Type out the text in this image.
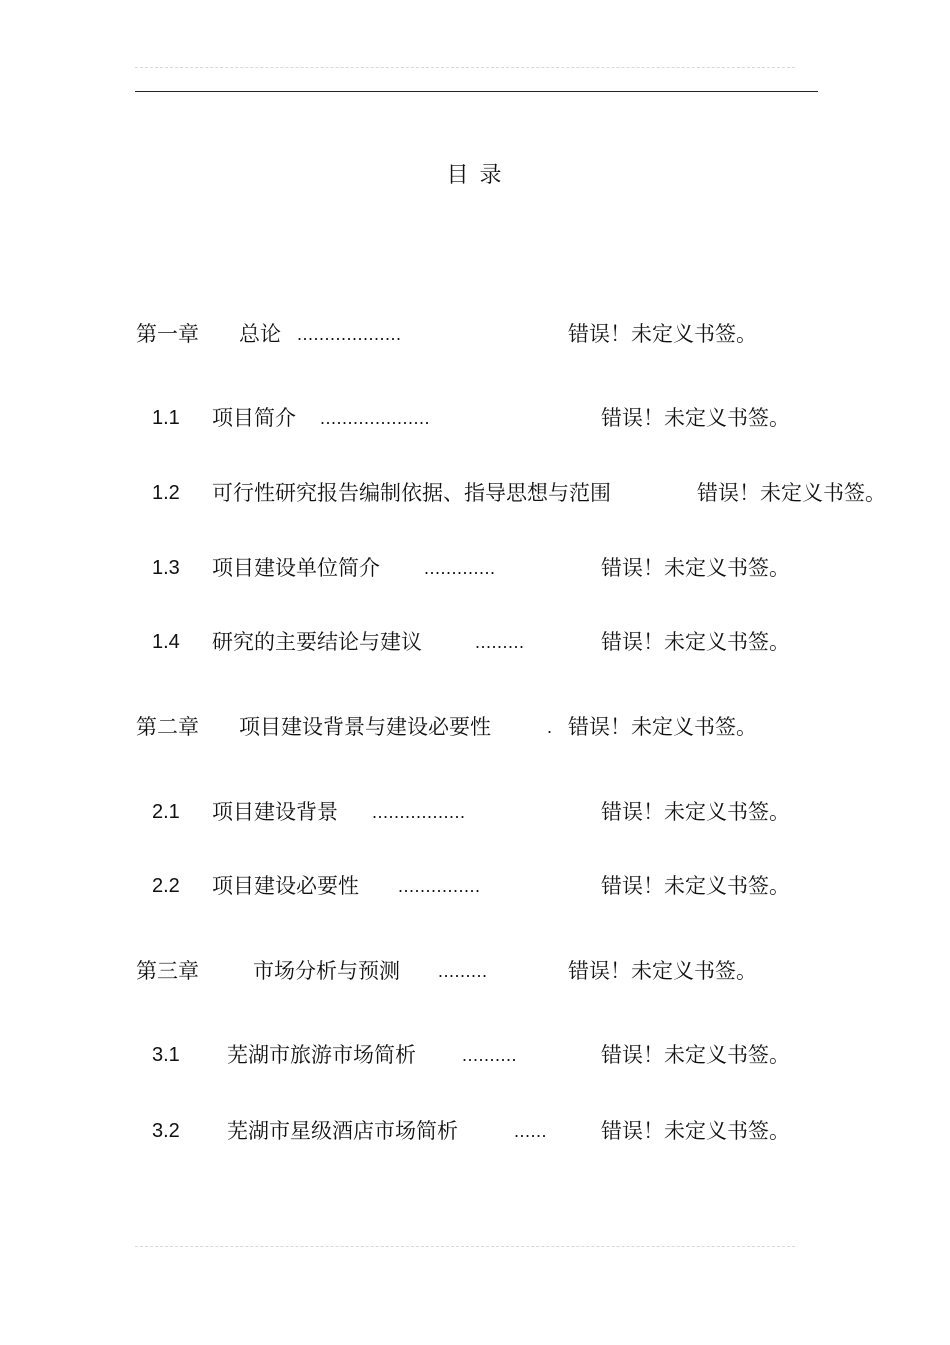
目 录
第一章 总论 ...................	错误！未定义书签。
1.1 项目简介 ....................	错误！未定义书签。
1.2 可行性研究报告编制依据、指导思想与范围	错误！未定义书签。
1.3 项目建设单位简介 .............	错误！未定义书签。
1.4 研究的主要结论与建议	.........	错误！未定义书签。
第二章 项目建设背景与建设必要性	. 错误！未定义书签。
2.1 项目建设背景 .................	错误！未定义书签。
2.2 项目建设必要性 ...............	错误！未定义书签。
第三章	市场分析与预测 .........	错误！未定义书签。
3.1 芜湖市旅游市场简析	..........	错误！未定义书签。
3.2 芜湖市星级酒店市场简析	......	错误！未定义书签。
